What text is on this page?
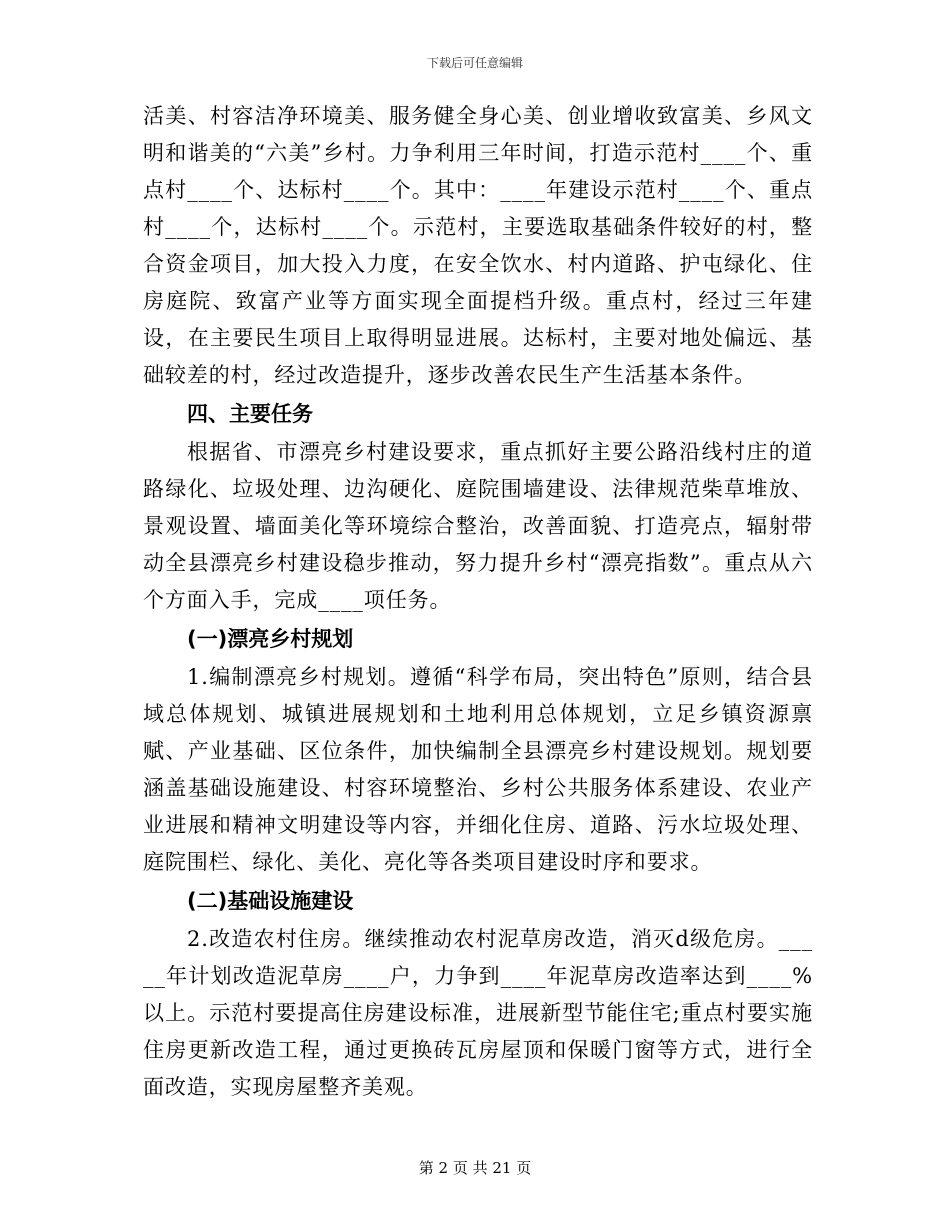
下载后可任意编辑

活美、村容洁净环境美、服务健全身心美、创业增收致富美、乡风文明和谐美的“六美”乡村。力争利用三年时间，打造示范村____个、重点村____个、达标村____个。其中：____年建设示范村____个、重点村____个，达标村____个。示范村，主要选取基础条件较好的村，整合资金项目，加大投入力度，在安全饮水、村内道路、护屯绿化、住房庭院、致富产业等方面实现全面提档升级。重点村，经过三年建设，在主要民生项目上取得明显进展。达标村，主要对地处偏远、基础较差的村，经过改造提升，逐步改善农民生产生活基本条件。

四、主要任务

根据省、市漂亮乡村建设要求，重点抓好主要公路沿线村庄的道路绿化、垃圾处理、边沟硬化、庭院围墙建设、法律规范柴草堆放、景观设置、墙面美化等环境综合整治，改善面貌、打造亮点，辐射带动全县漂亮乡村建设稳步推动，努力提升乡村“漂亮指数”。重点从六个方面入手，完成____项任务。

(一)漂亮乡村规划

1.编制漂亮乡村规划。遵循“科学布局，突出特色”原则，结合县域总体规划、城镇进展规划和土地利用总体规划，立足乡镇资源禀赋、产业基础、区位条件，加快编制全县漂亮乡村建设规划。规划要涵盖基础设施建设、村容环境整治、乡村公共服务体系建设、农业产业进展和精神文明建设等内容，并细化住房、道路、污水垃圾处理、庭院围栏、绿化、美化、亮化等各类项目建设时序和要求。

(二)基础设施建设

2.改造农村住房。继续推动农村泥草房改造，消灭d级危房。_____年计划改造泥草房____户，力争到____年泥草房改造率达到____%以上。示范村要提高住房建设标准，进展新型节能住宅;重点村要实施住房更新改造工程，通过更换砖瓦房屋顶和保暖门窗等方式，进行全面改造，实现房屋整齐美观。

第 2 页 共 21 页
